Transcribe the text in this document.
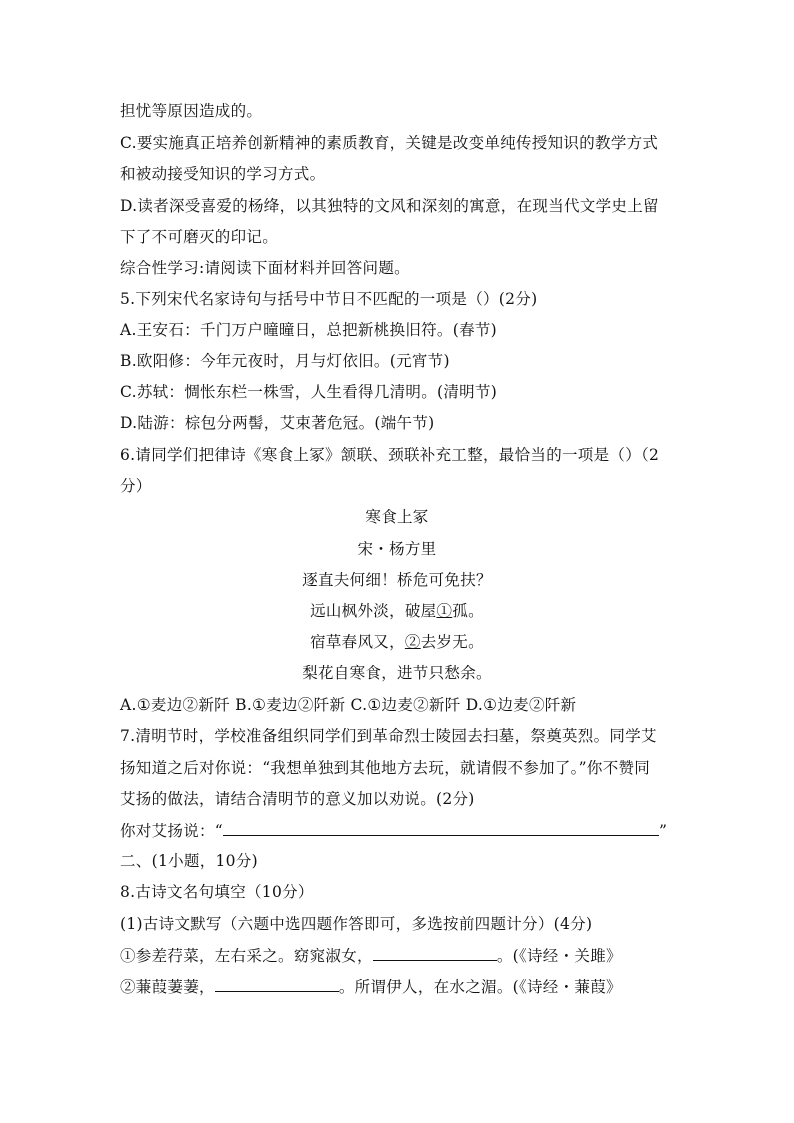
担忧等原因造成的。
C.要实施真正培养创新精神的素质教育，关键是改变单纯传授知识的教学方式
和被动接受知识的学习方式。
D.读者深受喜爱的杨绛，以其独特的文风和深刻的寓意，在现当代文学史上留
下了不可磨灭的印记。
综合性学习:请阅读下面材料并回答问题。
5.下列宋代名家诗句与括号中节日不匹配的一项是（）(2分)
A.王安石：千门万户曈曈日，总把新桃换旧符。(春节)
B.欧阳修：今年元夜时，月与灯依旧。(元宵节)
C.苏轼：惆怅东栏一株雪，人生看得几清明。(清明节)
D.陆游：棕包分两髻，艾束著危冠。(端午节)
6.请同学们把律诗《寒食上冢》颔联、颈联补充工整，最恰当的一项是（）（2
分）
寒食上冢
宋・杨方里
逐直夫何细！桥危可免扶？
远山枫外淡，破屋①孤。
宿草春风又，②去岁无。
梨花自寒食，进节只愁余。
A.①麦边②新阡 B.①麦边②阡新 C.①边麦②新阡 D.①边麦②阡新
7.清明节时，学校准备组织同学们到革命烈士陵园去扫墓，祭奠英烈。同学艾
扬知道之后对你说：“我想单独到其他地方去玩，就请假不参加了。”你不赞同
艾扬的做法，请结合清明节的意义加以劝说。(2分)
你对艾扬说：“	”
二、(1小题，10分)
8.古诗文名句填空（10分）
(1)古诗文默写（六题中选四题作答即可，多选按前四题计分）(4分)
①参差荇菜，左右采之。窈窕淑女，	。(《诗经・关雎》
②蒹葭萋萋，	。所谓伊人，在水之湄。(《诗经・蒹葭》
